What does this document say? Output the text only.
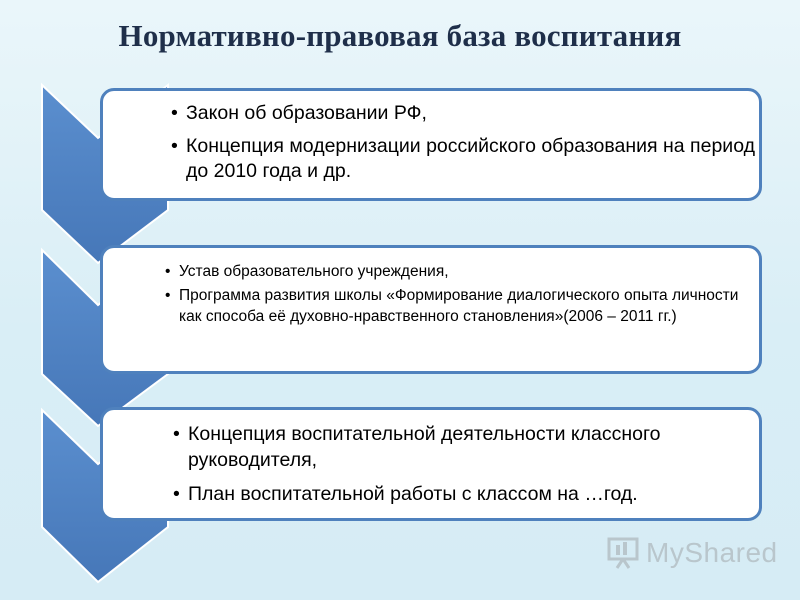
Нормативно-правовая база воспитания
• Закон об образовании РФ,
• Концепция модернизации российского образования на период до 2010 года и др.
• Устав образовательного учреждения,
• Программа развития школы «Формирование диалогического опыта личности как способа её духовно-нравственного становления»(2006 – 2011 гг.)
• Концепция воспитательной деятельности классного руководителя,
• План воспитательной работы с классом на …год.
MyShared
